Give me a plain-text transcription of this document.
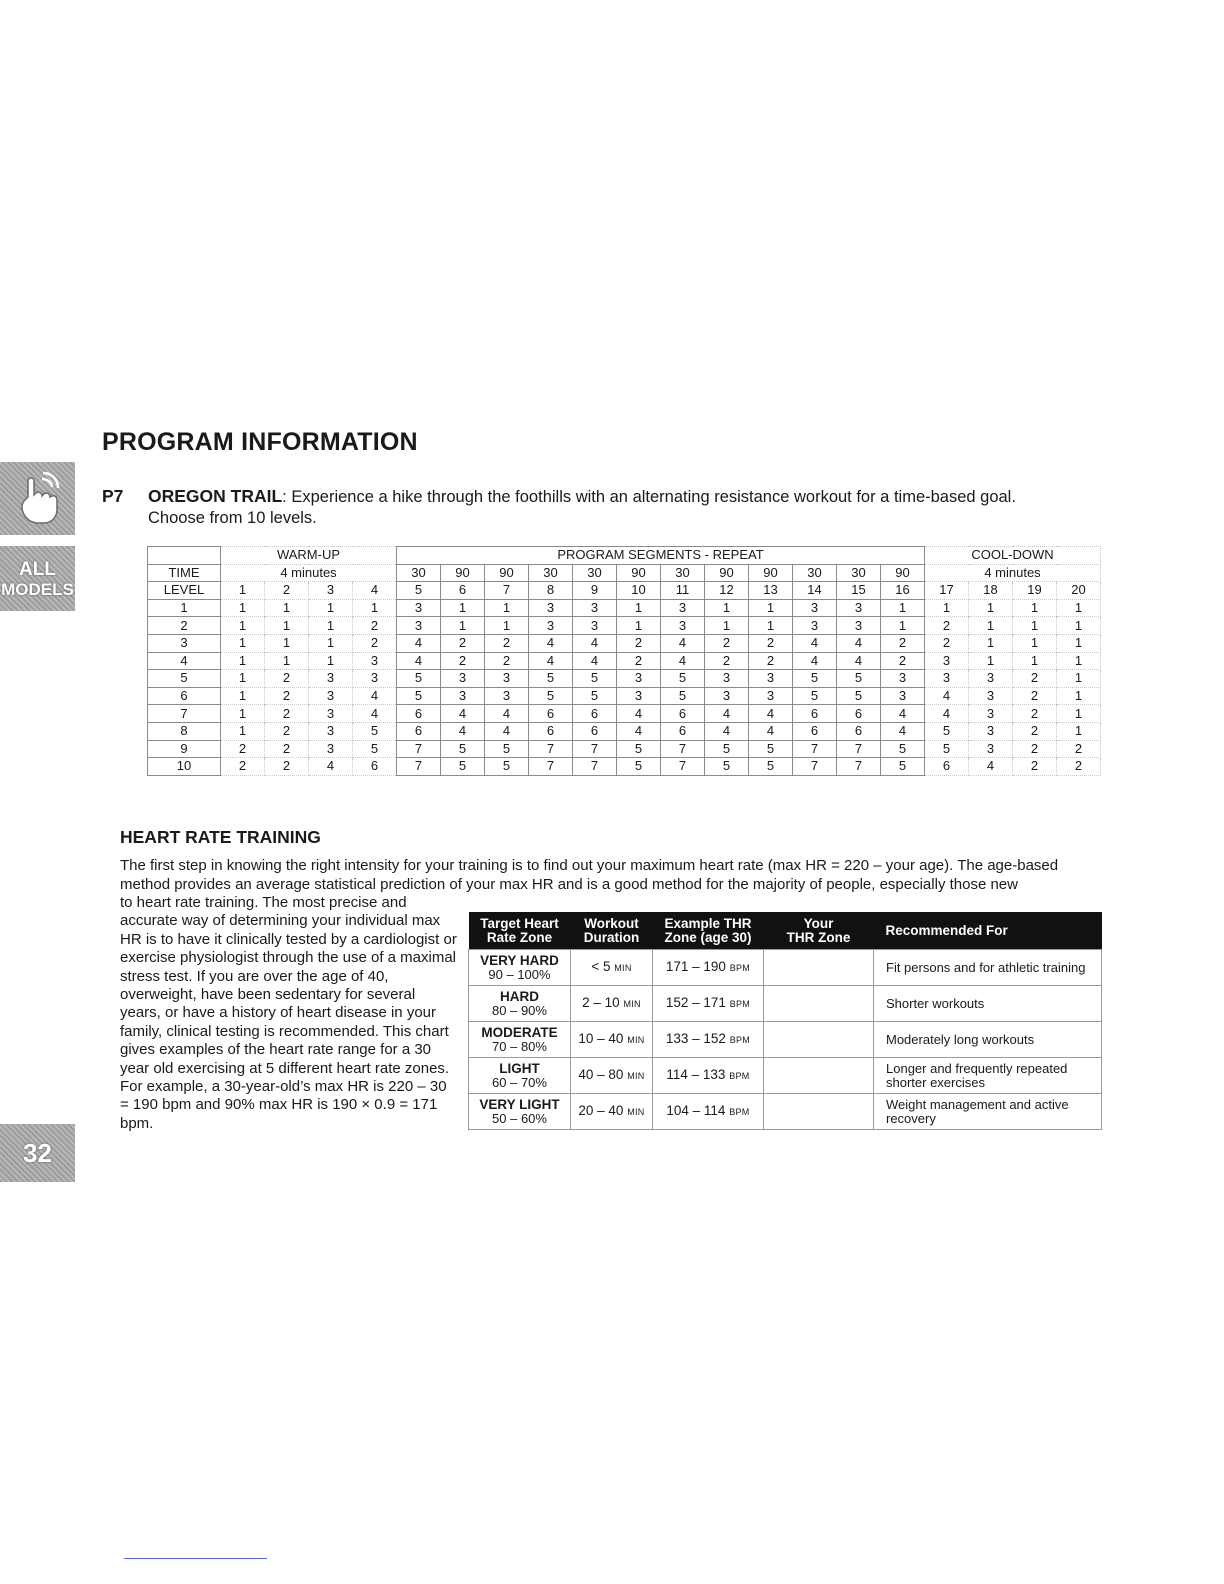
PROGRAM INFORMATION
ALL
MODELS
32
P7 OREGON TRAIL: Experience a hike through the foothills with an alternating resistance workout for a time-based goal.
Choose from 10 levels.
	WARM-UP				PROGRAM SEGMENTS - REPEAT												COOL-DOWN			
TIME	4 minutes				30	90	90	30	30	90	30	90	90	30	30	90	4 minutes			
LEVEL	1	2	3	4	5	6	7	8	9	10	11	12	13	14	15	16	17	18	19	20
1	1	1	1	1	3	1	1	3	3	1	3	1	1	3	3	1	1	1	1	1
2	1	1	1	2	3	1	1	3	3	1	3	1	1	3	3	1	2	1	1	1
3	1	1	1	2	4	2	2	4	4	2	4	2	2	4	4	2	2	1	1	1
4	1	1	1	3	4	2	2	4	4	2	4	2	2	4	4	2	3	1	1	1
5	1	2	3	3	5	3	3	5	5	3	5	3	3	5	5	3	3	3	2	1
6	1	2	3	4	5	3	3	5	5	3	5	3	3	5	5	3	4	3	2	1
7	1	2	3	4	6	4	4	6	6	4	6	4	4	6	6	4	4	3	2	1
8	1	2	3	5	6	4	4	6	6	4	6	4	4	6	6	4	5	3	2	1
9	2	2	3	5	7	5	5	7	7	5	7	5	5	7	7	5	5	3	2	2
10	2	2	4	6	7	5	5	7	7	5	7	5	5	7	7	5	6	4	2	2
HEART RATE TRAINING

The first step in knowing the right intensity for your training is to find out your maximum heart rate (max HR = 220 – your age). The age-based method provides an average statistical prediction of your max HR and is a good method for the majority of people, especially those new

to heart rate training. The most precise and accurate way of determining your individual max HR is to have it clinically tested by a cardiologist or exercise physiologist through the use of a maximal stress test. If you are over the age of 40, overweight, have been sedentary for several years, or have a history of heart disease in your family, clinical testing is recommended. This chart gives examples of the heart rate range for a 30 year old exercising at 5 different heart rate zones. For example, a 30-year-old’s max HR is 220 – 30 = 190 bpm and 90% max HR is 190 × 0.9 = 171 bpm.

Target Heart
Rate Zone	Workout
Duration	Example THR
Zone (age 30)	Your
THR Zone	Recommended For

VERY HARD
90 – 100%	< 5 MIN	171 – 190 BPM		Fit persons and for athletic training

HARD
80 – 90%	2 – 10 MIN	152 – 171 BPM		Shorter workouts

MODERATE
70 – 80%	10 – 40 MIN	133 – 152 BPM		Moderately long workouts

LIGHT
60 – 70%	40 – 80 MIN	114 – 133 BPM		Longer and frequently repeated shorter exercises

VERY LIGHT
50 – 60%	20 – 40 MIN	104 – 114 BPM		Weight management and active recovery
